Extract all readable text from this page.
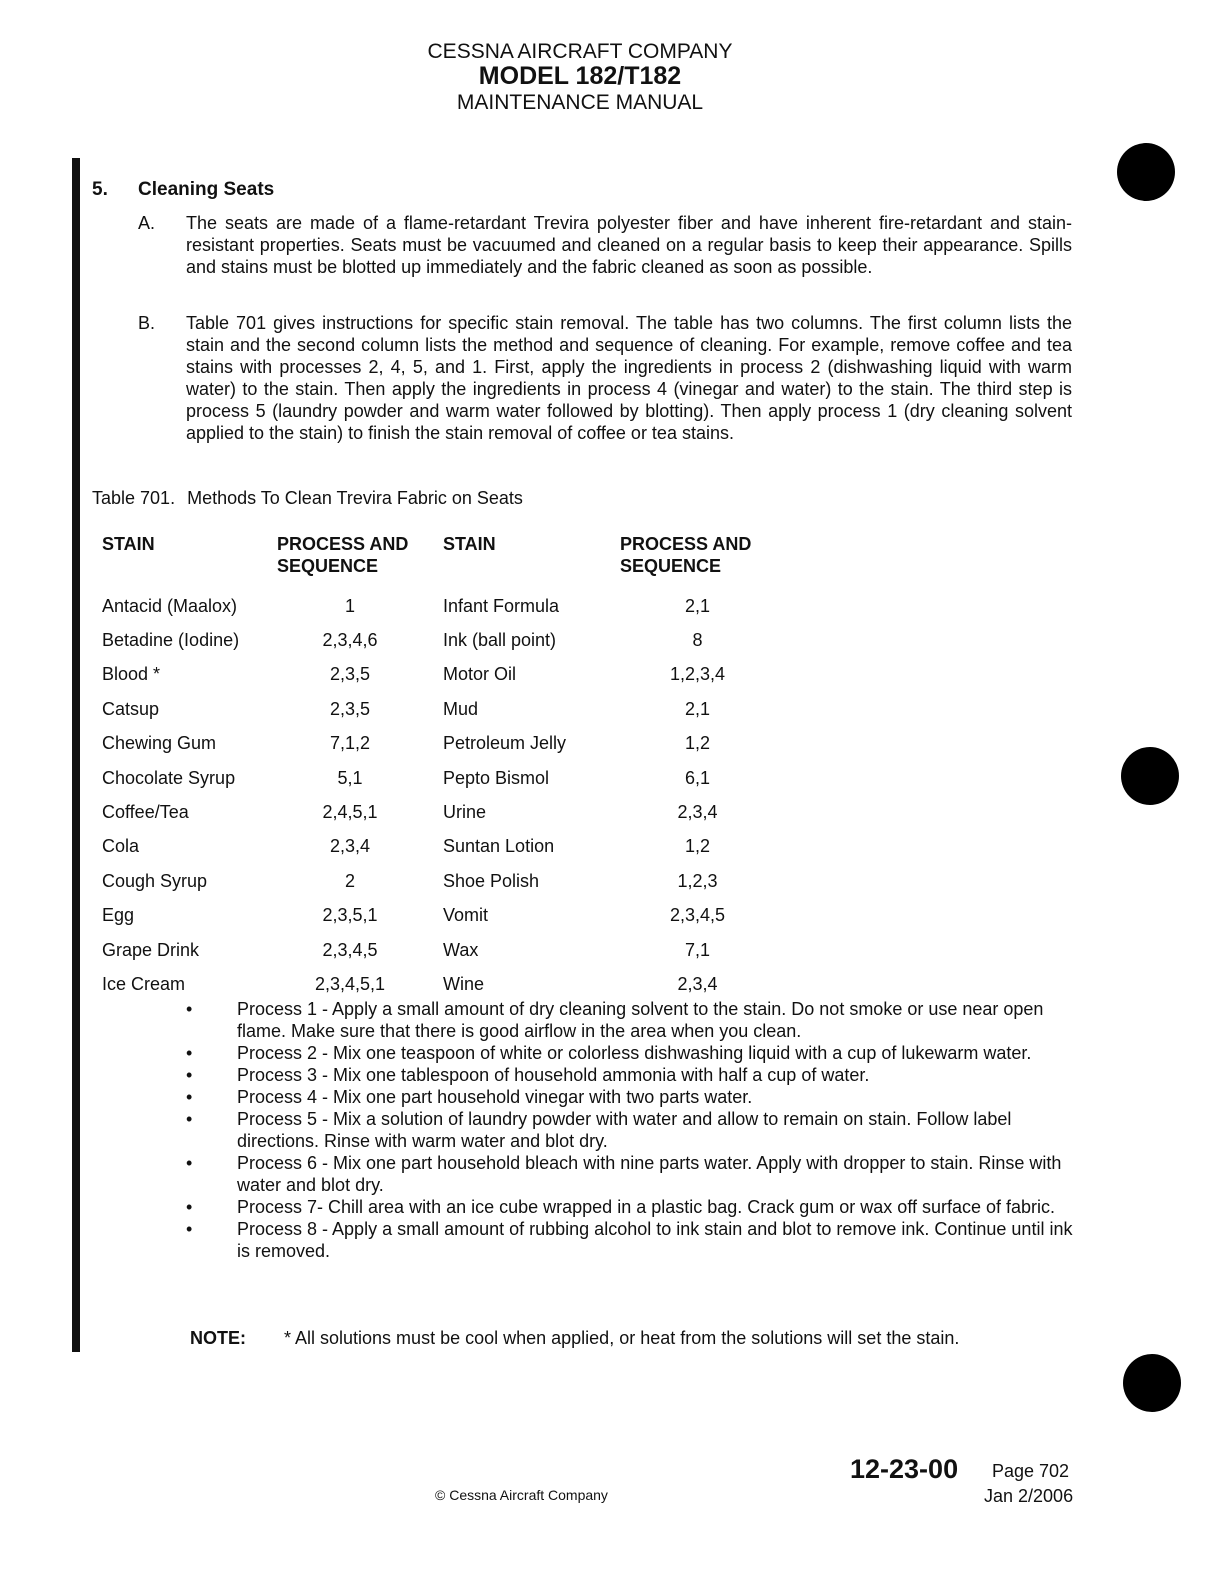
CESSNA AIRCRAFT COMPANY
MODEL 182/T182
MAINTENANCE MANUAL
5. Cleaning Seats
A. The seats are made of a flame-retardant Trevira polyester fiber and have inherent fire-retardant and stain-resistant properties. Seats must be vacuumed and cleaned on a regular basis to keep their appearance. Spills and stains must be blotted up immediately and the fabric cleaned as soon as possible.
B. Table 701 gives instructions for specific stain removal. The table has two columns. The first column lists the stain and the second column lists the method and sequence of cleaning. For example, remove coffee and tea stains with processes 2, 4, 5, and 1. First, apply the ingredients in process 2 (dishwashing liquid with warm water) to the stain. Then apply the ingredients in process 4 (vinegar and water) to the stain. The third step is process 5 (laundry powder and warm water followed by blotting). Then apply process 1 (dry cleaning solvent applied to the stain) to finish the stain removal of coffee or tea stains.
Table 701. Methods To Clean Trevira Fabric on Seats
STAIN	PROCESS AND SEQUENCE	STAIN	PROCESS AND SEQUENCE
Antacid (Maalox)	1	Infant Formula	2,1
Betadine (Iodine)	2,3,4,6	Ink (ball point)	8
Blood *	2,3,5	Motor Oil	1,2,3,4
Catsup	2,3,5	Mud	2,1
Chewing Gum	7,1,2	Petroleum Jelly	1,2
Chocolate Syrup	5,1	Pepto Bismol	6,1
Coffee/Tea	2,4,5,1	Urine	2,3,4
Cola	2,3,4	Suntan Lotion	1,2
Cough Syrup	2	Shoe Polish	1,2,3
Egg	2,3,5,1	Vomit	2,3,4,5
Grape Drink	2,3,4,5	Wax	7,1
Ice Cream	2,3,4,5,1	Wine	2,3,4
• Process 1 - Apply a small amount of dry cleaning solvent to the stain. Do not smoke or use near open flame. Make sure that there is good airflow in the area when you clean.
• Process 2 - Mix one teaspoon of white or colorless dishwashing liquid with a cup of lukewarm water.
• Process 3 - Mix one tablespoon of household ammonia with half a cup of water.
• Process 4 - Mix one part household vinegar with two parts water.
• Process 5 - Mix a solution of laundry powder with water and allow to remain on stain. Follow label directions. Rinse with warm water and blot dry.
• Process 6 - Mix one part household bleach with nine parts water. Apply with dropper to stain. Rinse with water and blot dry.
• Process 7- Chill area with an ice cube wrapped in a plastic bag. Crack gum or wax off surface of fabric.
• Process 8 - Apply a small amount of rubbing alcohol to ink stain and blot to remove ink. Continue until ink is removed.
NOTE: * All solutions must be cool when applied, or heat from the solutions will set the stain.
© Cessna Aircraft Company
12-23-00 Page 702
Jan 2/2006
